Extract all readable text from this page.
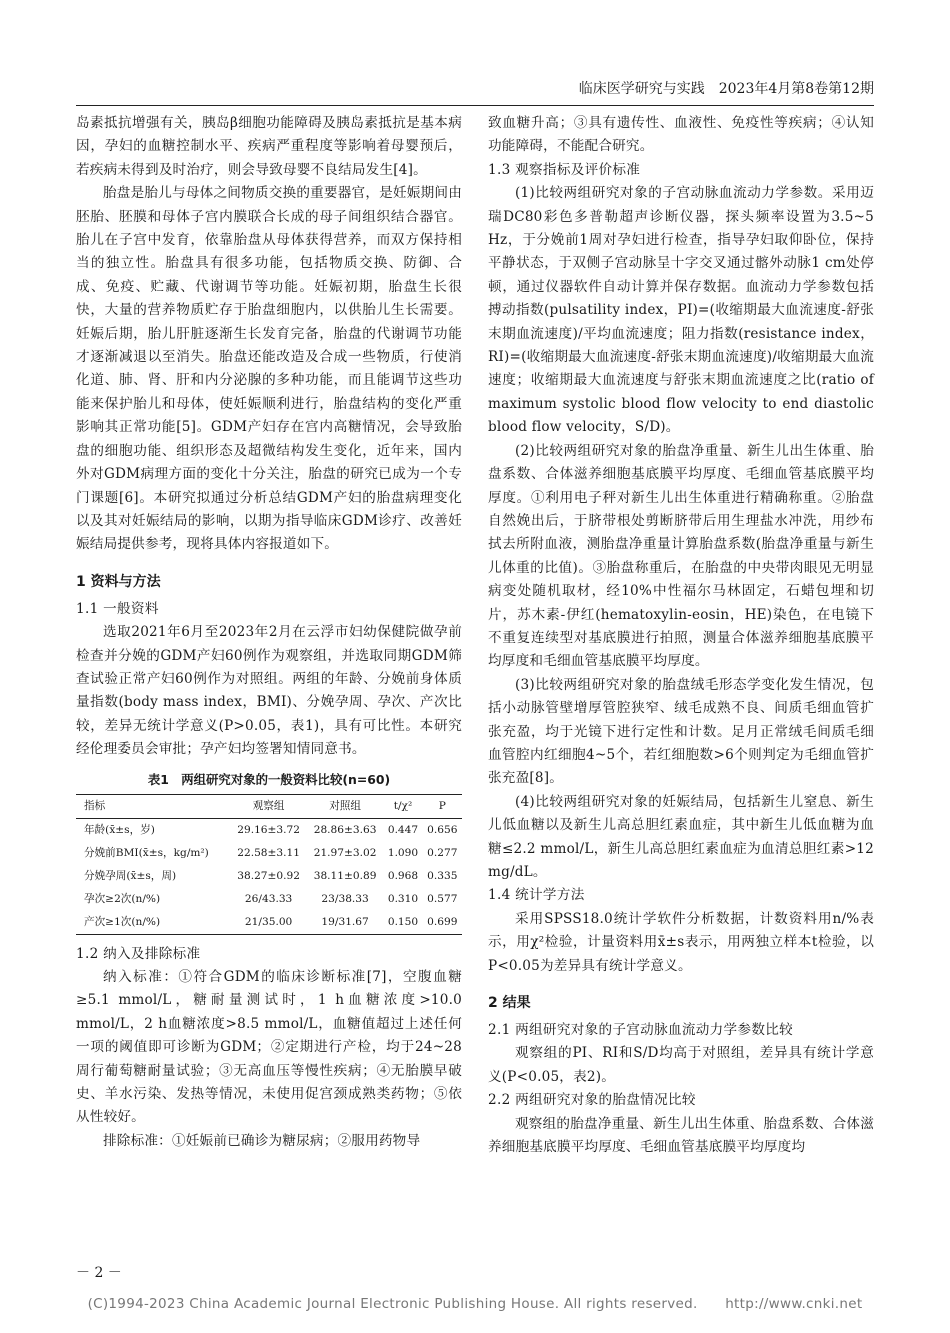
临床医学研究与实践　2023年4月第8卷第12期

岛素抵抗增强有关，胰岛β细胞功能障碍及胰岛素抵抗是基本病因，孕妇的血糖控制水平、疾病严重程度等影响着母婴预后，若疾病未得到及时治疗，则会导致母婴不良结局发生[4]。

胎盘是胎儿与母体之间物质交换的重要器官，是妊娠期间由胚胎、胚膜和母体子宫内膜联合长成的母子间组织结合器官。胎儿在子宫中发育，依靠胎盘从母体获得营养，而双方保持相当的独立性。胎盘具有很多功能，包括物质交换、防御、合成、免疫、贮藏、代谢调节等功能。妊娠初期，胎盘生长很快，大量的营养物质贮存于胎盘细胞内，以供胎儿生长需要。妊娠后期，胎儿肝脏逐渐生长发育完备，胎盘的代谢调节功能才逐渐减退以至消失。胎盘还能改造及合成一些物质，行使消化道、肺、肾、肝和内分泌腺的多种功能，而且能调节这些功能来保护胎儿和母体，使妊娠顺利进行，胎盘结构的变化严重影响其正常功能[5]。GDM产妇存在宫内高糖情况，会导致胎盘的细胞功能、组织形态及超微结构发生变化，近年来，国内外对GDM病理方面的变化十分关注，胎盘的研究已成为一个专门课题[6]。本研究拟通过分析总结GDM产妇的胎盘病理变化以及其对妊娠结局的影响，以期为指导临床GDM诊疗、改善妊娠结局提供参考，现将具体内容报道如下。

1 资料与方法
1.1 一般资料

选取2021年6月至2023年2月在云浮市妇幼保健院做孕前检查并分娩的GDM产妇60例作为观察组，并选取同期GDM筛查试验正常产妇60例作为对照组。两组的年龄、分娩前身体质量指数(body mass index，BMI)、分娩孕周、孕次、产次比较，差异无统计学意义(P>0.05，表1)，具有可比性。本研究经伦理委员会审批；孕产妇均签署知情同意书。

表1　两组研究对象的一般资料比较(n=60)
指标	观察组	对照组	t/χ²	P
年龄(x̄±s，岁)	29.16±3.72	28.86±3.63	0.447	0.656
分娩前BMI(x̄±s，kg/m²)	22.58±3.11	21.97±3.02	1.090	0.277
分娩孕周(x̄±s，周)	38.27±0.92	38.11±0.89	0.968	0.335
孕次≥2次(n/%)	26/43.33	23/38.33	0.310	0.577
产次≥1次(n/%)	21/35.00	19/31.67	0.150	0.699
1.2 纳入及排除标准

纳入标准：①符合GDM的临床诊断标准[7]，空腹血糖≥5.1 mmol/L，糖耐量测试时，1 h血糖浓度>10.0 mmol/L，2 h血糖浓度>8.5 mmol/L，血糖值超过上述任何一项的阈值即可诊断为GDM；②定期进行产检，均于24~28周行葡萄糖耐量试验；③无高血压等慢性疾病；④无胎膜早破史、羊水污染、发热等情况，未使用促宫颈成熟类药物；⑤依从性较好。

排除标准：①妊娠前已确诊为糖尿病；②服用药物导

致血糖升高；③具有遗传性、血液性、免疫性等疾病；④认知功能障碍，不能配合研究。

1.3 观察指标及评价标准

(1)比较两组研究对象的子宫动脉血流动力学参数。采用迈瑞DC80彩色多普勒超声诊断仪器，探头频率设置为3.5~5 Hz，于分娩前1周对孕妇进行检查，指导孕妇取仰卧位，保持平静状态，于双侧子宫动脉呈十字交叉通过髂外动脉1 cm处停顿，通过仪器软件自动计算并保存数据。血流动力学参数包括搏动指数(pulsatility index，PI)=(收缩期最大血流速度-舒张末期血流速度)/平均血流速度；阻力指数(resistance index，RI)=(收缩期最大血流速度-舒张末期血流速度)/收缩期最大血流速度；收缩期最大血流速度与舒张末期血流速度之比(ratio of maximum systolic blood flow velocity to end diastolic blood flow velocity，S/D)。

(2)比较两组研究对象的胎盘净重量、新生儿出生体重、胎盘系数、合体滋养细胞基底膜平均厚度、毛细血管基底膜平均厚度。①利用电子秤对新生儿出生体重进行精确称重。②胎盘自然娩出后，于脐带根处剪断脐带后用生理盐水冲洗，用纱布拭去所附血液，测胎盘净重量计算胎盘系数(胎盘净重量与新生儿体重的比值)。③胎盘称重后，在胎盘的中央带肉眼见无明显病变处随机取材，经10%中性福尔马林固定，石蜡包埋和切片，苏木素-伊红(hematoxylin-eosin，HE)染色，在电镜下不重复连续型对基底膜进行拍照，测量合体滋养细胞基底膜平均厚度和毛细血管基底膜平均厚度。

(3)比较两组研究对象的胎盘绒毛形态学变化发生情况，包括小动脉管壁增厚管腔狭窄、绒毛成熟不良、间质毛细血管扩张充盈，均于光镜下进行定性和计数。足月正常绒毛间质毛细血管腔内红细胞4~5个，若红细胞数>6个则判定为毛细血管扩张充盈[8]。

(4)比较两组研究对象的妊娠结局，包括新生儿窒息、新生儿低血糖以及新生儿高总胆红素血症，其中新生儿低血糖为血糖≤2.2 mmol/L，新生儿高总胆红素血症为血清总胆红素>12 mg/dL。

1.4 统计学方法

采用SPSS18.0统计学软件分析数据，计数资料用n/%表示，用χ²检验，计量资料用x̄±s表示，用两独立样本t检验，以P<0.05为差异具有统计学意义。

2 结果
2.1 两组研究对象的子宫动脉血流动力学参数比较

观察组的PI、RI和S/D均高于对照组，差异具有统计学意义(P<0.05，表2)。

2.2 两组研究对象的胎盘情况比较

观察组的胎盘净重量、新生儿出生体重、胎盘系数、合体滋养细胞基底膜平均厚度、毛细血管基底膜平均厚度均

－ 2 －
(C)1994-2023 China Academic Journal Electronic Publishing House. All rights reserved.　　http://www.cnki.net
